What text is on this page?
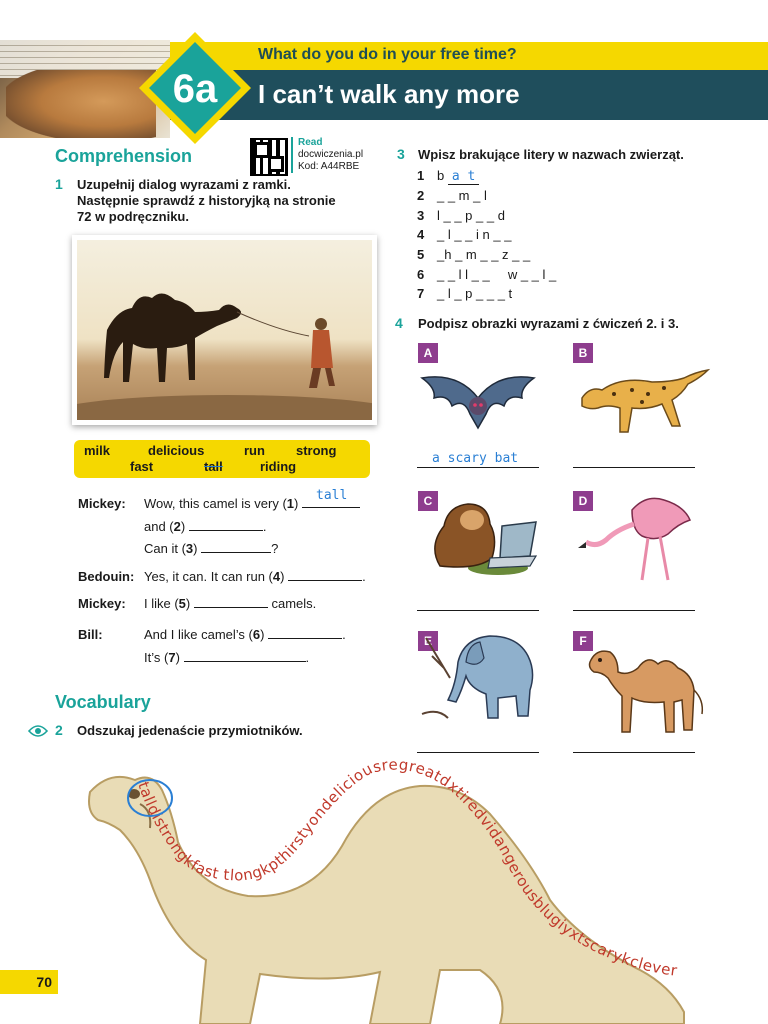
What do you do in your free time?
I can’t walk any more
6a
Comprehension
Read
docwiczenia.pl
Kod: A44RBE
1 Uzupełnij dialog wyrazami z ramki.
Następnie sprawdź z historyjką na stronie
72 w podręczniku.
milk	delicious	run strong
fast	tall	riding
Mickey: Wow, this camel is very (1)
tall
and (2)	.
Can it (3)	?
Bedouin: Yes, it can. It can run (4)	.
Mickey: I like (5)	camels.
Bill:	And I like camel’s (6)	.
It’s (7)	.
Vocabulary
2 Odszukaj jedenaście przymiotników.
talldistrongkfast tlongkpthirstyondeliciousregreatdxtiredvidangerousblugiyxtscarykclever
3 Wpisz brakujące litery w nazwach zwierząt.
1 b a t
2 _ _ m _ l
3 l _ _ p _ _ d
4 _ l _ _ i n _ _
5 _h _ m _ _ z _ _
6 _ _ l l _ _     w _ _ l _
7 _ l _ p _ _ _ t
4 Podpisz obrazki wyrazami z ćwiczeń 2. i 3.
A
a scary bat
B
C	D
E	F
70
